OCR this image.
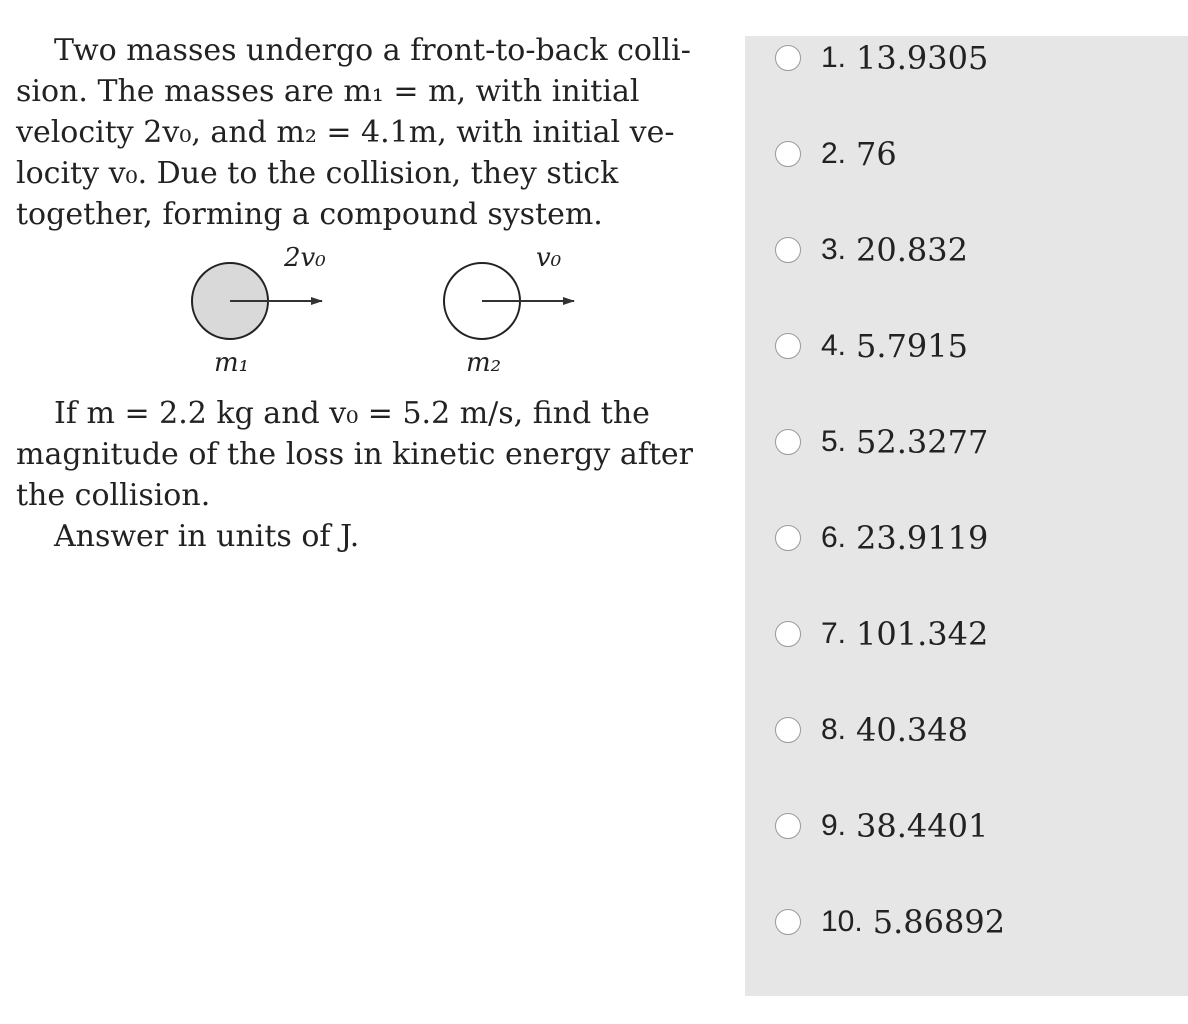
Two masses undergo a front-to-back colli-

sion. The masses are m₁ = m, with initial

velocity 2v₀, and m₂ = 4.1m, with initial ve-

locity v₀. Due to the collision, they stick

together, forming a compound system.

2v₀	v₀
m₁	m₂

If m = 2.2 kg and v₀ = 5.2 m/s, find the

magnitude of the loss in kinetic energy after

the collision.

Answer in units of J.

1. 13.9305
2. 76
3. 20.832
4. 5.7915
5. 52.3277
6. 23.9119
7. 101.342
8. 40.348
9. 38.4401
10. 5.86892
